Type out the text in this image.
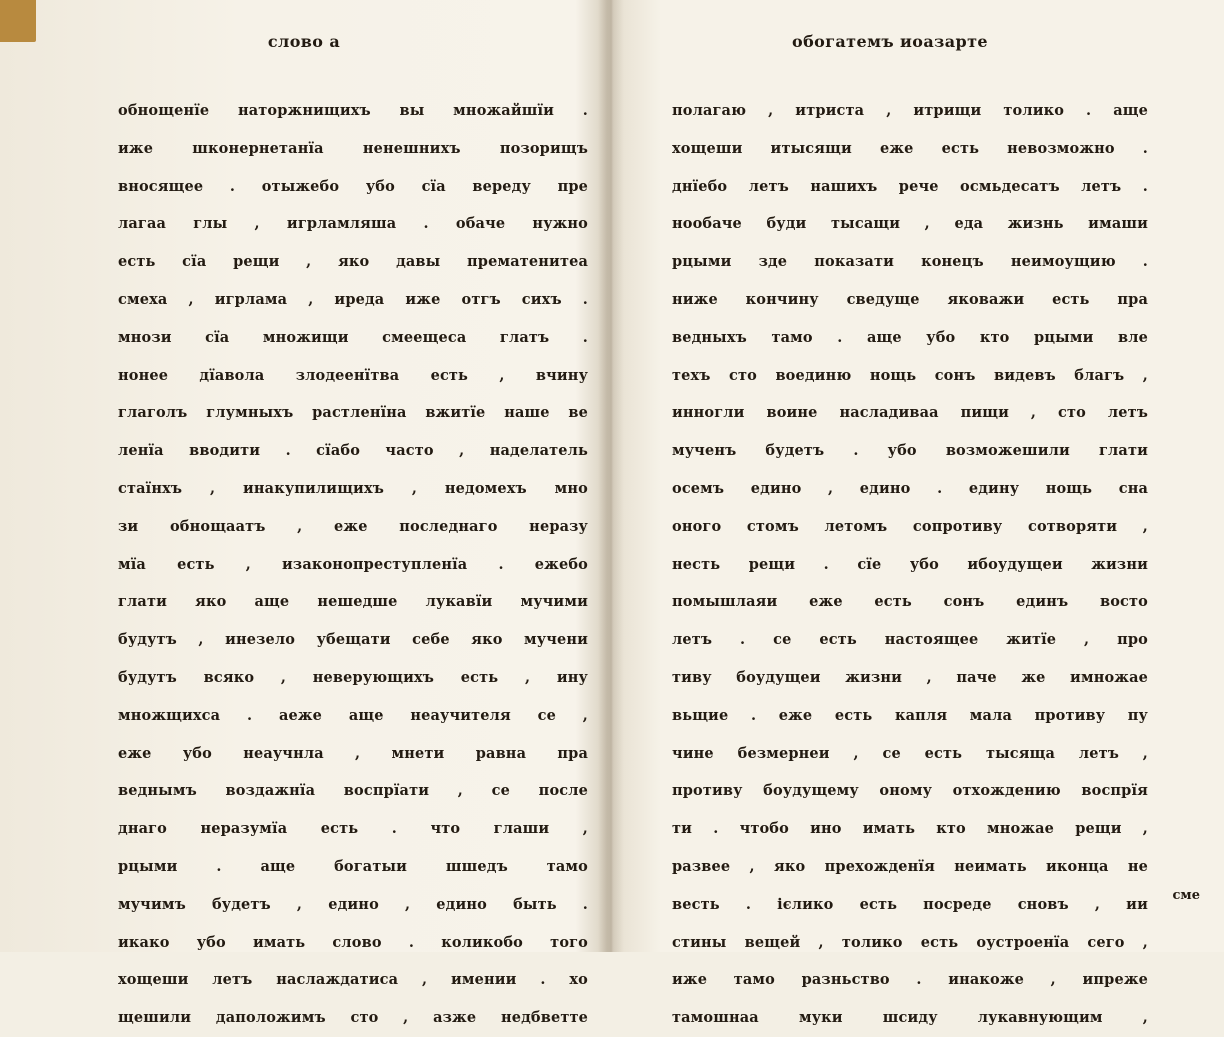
слово а
обнощенїе наторжнищихъ вы множайшїи .
иже шконернетанїа ненешнихъ позорищъ
вносящее . отыжебо убо сїа вереду пре
лагаа глы , игрламляша . обаче нужно
есть сїа рещи , яко давы прематенитеа
смеха , игрлама , иреда иже отгъ сихъ .
мнози сїа множищи смеещеса глатъ .
нонее дїавола злодеенїтва есть , вчину
глаголъ глумныхъ растленїна вжитїе наше ве
ленїа вводити . сїабо часто , наделатель
стаїнхъ , инакупилищихъ , недомехъ мно
зи обнощаатъ , еже последнаго неразу
мїа есть , изаконопреступленїа . ежебо
глати яко аще нешедше лукавїи мучими
будутъ , инезело убещати себе яко мучени
будутъ всяко , неверующихъ есть , ину
множщихса . аеже аще неаучителя се ,
еже убо неаучнла , мнети равна пра
веднымъ воздажнїа воспрїати , се после
днаго неразумїа есть . что глаши ,
рцыми . аще богатыи шшедъ тамо
мучимъ будетъ , едино , едино быть .
икако убо имать слово . коликобо того
хощеши летъ наслаждатиса , имении . хо
щешили даположимъ сто , азже недбветте
обогатемъ иоазарте
полагаю , итриста , итрищи толико . аще
хощеши итысящи еже есть невозможно .
днїебо летъ нашихъ рече осмьдесатъ летъ .
нообаче буди тысащи , еда жизнь имаши
рцыми зде показати конецъ неимоущию .
ниже кончину сведуще яковажи есть пра
ведныхъ тамо . аще убо кто рцыми вле
техъ сто воединю нощь сонъ видевъ благъ ,
инногли воине насладиваа пищи , сто летъ
мученъ будетъ . убо возможешили глати
осемъ едино , едино . едину нощь сна
оного стомъ летомъ сопротиву сотворяти ,
несть рещи . сїе убо ибоудущеи жизни
помышлаяи еже есть сонъ единъ восто
летъ . се есть настоящее житїе , про
тиву боудущеи жизни , паче же имножае
вьщие . еже есть капля мала противу пу
чине безмернеи , се есть тысяща летъ ,
противу боудущему оному отхождению воспрїя
ти . чтобо ино имать кто множае рещи ,
развее , яко прехожденїя неимать иконца не
весть . ієлико есть посреде сновъ , ии
стины вещей , толико есть оустрoенїа сего ,
иже тамо разньство . инакоже , ипреже
тамошнаа муки шсиду лукавнующим ,
сме
